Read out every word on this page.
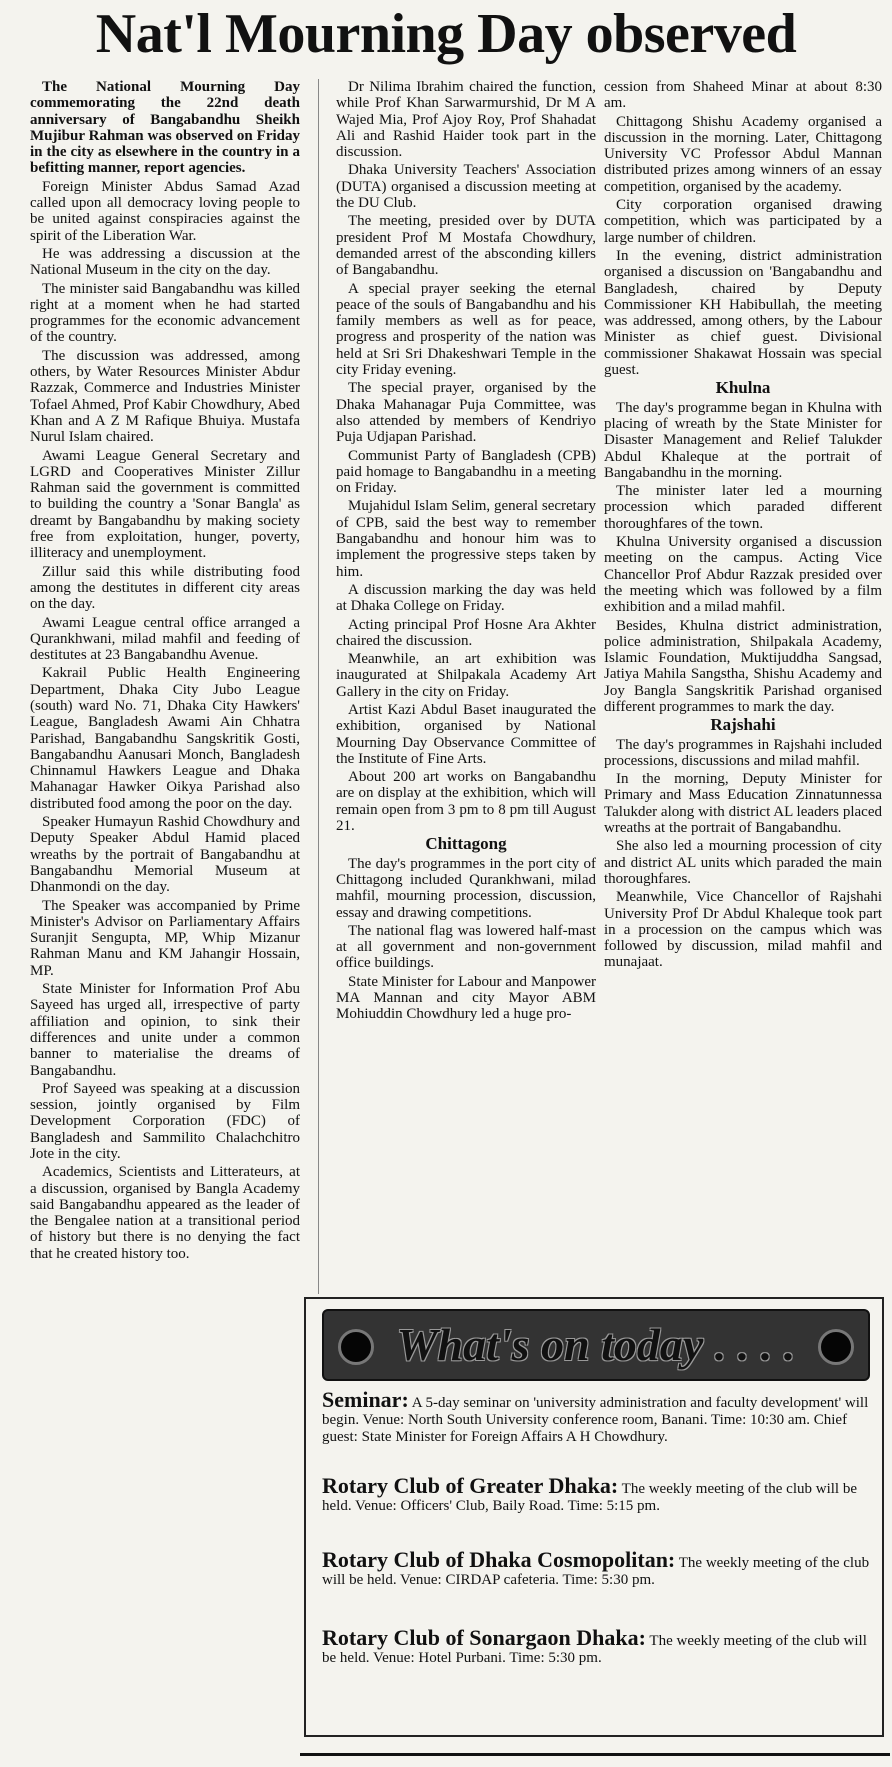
Nat'l Mourning Day observed

The National Mourning Day commemorating the 22nd death anniversary of Bangabandhu Sheikh Mujibur Rahman was observed on Friday in the city as elsewhere in the country in a befitting manner, report agencies.

Foreign Minister Abdus Samad Azad called upon all democracy loving people to be united against conspiracies against the spirit of the Liberation War.

He was addressing a discussion at the National Museum in the city on the day.

The minister said Bangabandhu was killed right at a moment when he had started programmes for the economic advancement of the country.

The discussion was addressed, among others, by Water Resources Minister Abdur Razzak, Commerce and Industries Minister Tofael Ahmed, Prof Kabir Chowdhury, Abed Khan and A Z M Rafique Bhuiya. Mustafa Nurul Islam chaired.

Awami League General Secretary and LGRD and Cooperatives Minister Zillur Rahman said the government is committed to building the country a 'Sonar Bangla' as dreamt by Bangabandhu by making society free from exploitation, hunger, poverty, illiteracy and unemployment.

Zillur said this while distributing food among the destitutes in different city areas on the day.

Awami League central office arranged a Qurankhwani, milad mahfil and feeding of destitutes at 23 Bangabandhu Avenue.

Kakrail Public Health Engineering Department, Dhaka City Jubo League (south) ward No. 71, Dhaka City Hawkers' League, Bangladesh Awami Ain Chhatra Parishad, Bangabandhu Sangskritik Gosti, Bangabandhu Aanusari Monch, Bangladesh Chinnamul Hawkers League and Dhaka Mahanagar Hawker Oikya Parishad also distributed food among the poor on the day.

Speaker Humayun Rashid Chowdhury and Deputy Speaker Abdul Hamid placed wreaths by the portrait of Bangabandhu at Bangabandhu Memorial Museum at Dhanmondi on the day.

The Speaker was accompanied by Prime Minister's Advisor on Parliamentary Affairs Suranjit Sengupta, MP, Whip Mizanur Rahman Manu and KM Jahangir Hossain, MP.

State Minister for Information Prof Abu Sayeed has urged all, irrespective of party affiliation and opinion, to sink their differences and unite under a common banner to materialise the dreams of Bangabandhu.

Prof Sayeed was speaking at a discussion session, jointly organised by Film Development Corporation (FDC) of Bangladesh and Sammilito Chalachchitro Jote in the city.

Academics, Scientists and Litterateurs, at a discussion, organised by Bangla Academy said Bangabandhu appeared as the leader of the Bengalee nation at a transitional period of history but there is no denying the fact that he created history too.

Dr Nilima Ibrahim chaired the function, while Prof Khan Sarwarmurshid, Dr M A Wajed Mia, Prof Ajoy Roy, Prof Shahadat Ali and Rashid Haider took part in the discussion.

Dhaka University Teachers' Association (DUTA) organised a discussion meeting at the DU Club.

The meeting, presided over by DUTA president Prof M Mostafa Chowdhury, demanded arrest of the absconding killers of Bangabandhu.

A special prayer seeking the eternal peace of the souls of Bangabandhu and his family members as well as for peace, progress and prosperity of the nation was held at Sri Sri Dhakeshwari Temple in the city Friday evening.

The special prayer, organised by the Dhaka Mahanagar Puja Committee, was also attended by members of Kendriyo Puja Udjapan Parishad.

Communist Party of Bangladesh (CPB) paid homage to Bangabandhu in a meeting on Friday.

Mujahidul Islam Selim, general secretary of CPB, said the best way to remember Bangabandhu and honour him was to implement the progressive steps taken by him.

A discussion marking the day was held at Dhaka College on Friday.

Acting principal Prof Hosne Ara Akhter chaired the discussion.

Meanwhile, an art exhibition was inaugurated at Shilpakala Academy Art Gallery in the city on Friday.

Artist Kazi Abdul Baset inaugurated the exhibition, organised by National Mourning Day Observance Committee of the Institute of Fine Arts.

About 200 art works on Bangabandhu are on display at the exhibition, which will remain open from 3 pm to 8 pm till August 21.

Chittagong

The day's programmes in the port city of Chittagong included Qurankhwani, milad mahfil, mourning procession, discussion, essay and drawing competitions.

The national flag was lowered half-mast at all government and non-government office buildings.

State Minister for Labour and Manpower MA Mannan and city Mayor ABM Mohiuddin Chowdhury led a huge pro-

cession from Shaheed Minar at about 8:30 am.

Chittagong Shishu Academy organised a discussion in the morning. Later, Chittagong University VC Professor Abdul Mannan distributed prizes among winners of an essay competition, organised by the academy.

City corporation organised drawing competition, which was participated by a large number of children.

In the evening, district administration organised a discussion on 'Bangabandhu and Bangladesh, chaired by Deputy Commissioner KH Habibullah, the meeting was addressed, among others, by the Labour Minister as chief guest. Divisional commissioner Shakawat Hossain was special guest.

Khulna

The day's programme began in Khulna with placing of wreath by the State Minister for Disaster Management and Relief Talukder Abdul Khaleque at the portrait of Bangabandhu in the morning.

The minister later led a mourning procession which paraded different thoroughfares of the town.

Khulna University organised a discussion meeting on the campus. Acting Vice Chancellor Prof Abdur Razzak presided over the meeting which was followed by a film exhibition and a milad mahfil.

Besides, Khulna district administration, police administration, Shilpakala Academy, Islamic Foundation, Muktijuddha Sangsad, Jatiya Mahila Sangstha, Shishu Academy and Joy Bangla Sangskritik Parishad organised different programmes to mark the day.

Rajshahi

The day's programmes in Rajshahi included processions, discussions and milad mahfil.

In the morning, Deputy Minister for Primary and Mass Education Zinnatunnessa Talukder along with district AL leaders placed wreaths at the portrait of Bangabandhu.

She also led a mourning procession of city and district AL units which paraded the main thoroughfares.

Meanwhile, Vice Chancellor of Rajshahi University Prof Dr Abdul Khaleque took part in a procession on the campus which was followed by discussion, milad mahfil and munajaat.

What's on today . . . .
Seminar: A 5-day seminar on 'university administration and faculty development' will begin. Venue: North South University conference room, Banani. Time: 10:30 am. Chief guest: State Minister for Foreign Affairs A H Chowdhury.
Rotary Club of Greater Dhaka: The weekly meeting of the club will be held. Venue: Officers' Club, Baily Road. Time: 5:15 pm.
Rotary Club of Dhaka Cosmopolitan: The weekly meeting of the club will be held. Venue: CIRDAP cafeteria. Time: 5:30 pm.
Rotary Club of Sonargaon Dhaka: The weekly meeting of the club will be held. Venue: Hotel Purbani. Time: 5:30 pm.
